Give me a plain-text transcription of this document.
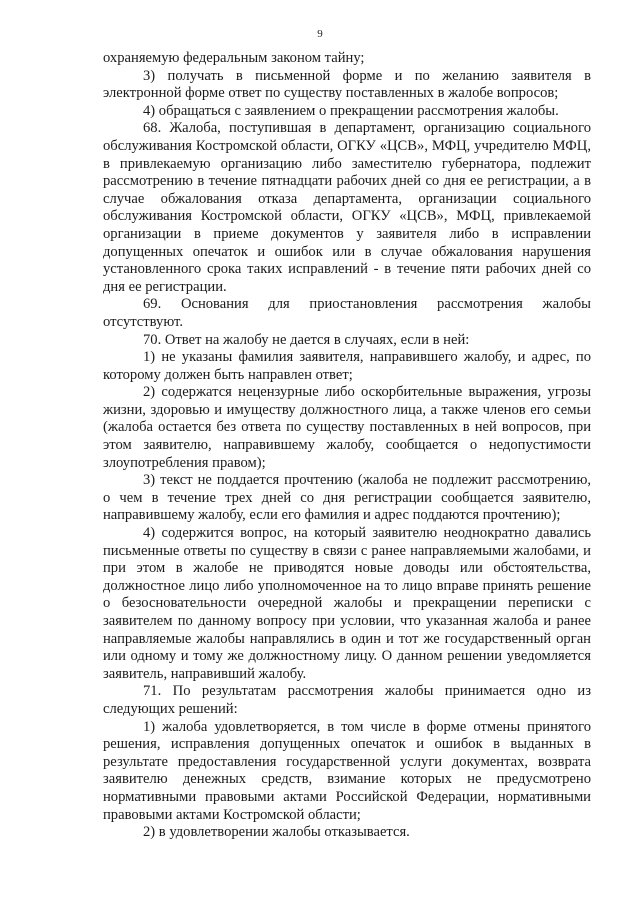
9

охраняемую федеральным законом тайну;

3) получать в письменной форме и по желанию заявителя в электронной форме ответ по существу поставленных в жалобе вопросов;

4) обращаться с заявлением о прекращении рассмотрения жалобы.

68. Жалоба, поступившая в департамент, организацию социального обслуживания Костромской области, ОГКУ «ЦСВ», МФЦ, учредителю МФЦ, в привлекаемую организацию либо заместителю губернатора, подлежит рассмотрению в течение пятнадцати рабочих дней со дня ее регистрации, а в случае обжалования отказа департамента, организации социального обслуживания Костромской области, ОГКУ «ЦСВ», МФЦ, привлекаемой организации в приеме документов у заявителя либо в исправлении допущенных опечаток и ошибок или в случае обжалования нарушения установленного срока таких исправлений - в течение пяти рабочих дней со дня ее регистрации.

69. Основания для приостановления рассмотрения жалобы отсутствуют.

70. Ответ на жалобу не дается в случаях, если в ней:

1) не указаны фамилия заявителя, направившего жалобу, и адрес, по которому должен быть направлен ответ;

2) содержатся нецензурные либо оскорбительные выражения, угрозы жизни, здоровью и имуществу должностного лица, а также членов его семьи (жалоба остается без ответа по существу поставленных в ней вопросов, при этом заявителю, направившему жалобу, сообщается о недопустимости злоупотребления правом);

3) текст не поддается прочтению (жалоба не подлежит рассмотрению, о чем в течение трех дней со дня регистрации сообщается заявителю, направившему жалобу, если его фамилия и адрес поддаются прочтению);

4) содержится вопрос, на который заявителю неоднократно давались письменные ответы по существу в связи с ранее направляемыми жалобами, и при этом в жалобе не приводятся новые доводы или обстоятельства, должностное лицо либо уполномоченное на то лицо вправе принять решение о безосновательности очередной жалобы и прекращении переписки с заявителем по данному вопросу при условии, что указанная жалоба и ранее направляемые жалобы направлялись в один и тот же государственный орган или одному и тому же должностному лицу. О данном решении уведомляется заявитель, направивший жалобу.

71. По результатам рассмотрения жалобы принимается одно из следующих решений:

1) жалоба удовлетворяется, в том числе в форме отмены принятого решения, исправления допущенных опечаток и ошибок в выданных в результате предоставления государственной услуги документах, возврата заявителю денежных средств, взимание которых не предусмотрено нормативными правовыми актами Российской Федерации, нормативными правовыми актами Костромской области;

2) в удовлетворении жалобы отказывается.
